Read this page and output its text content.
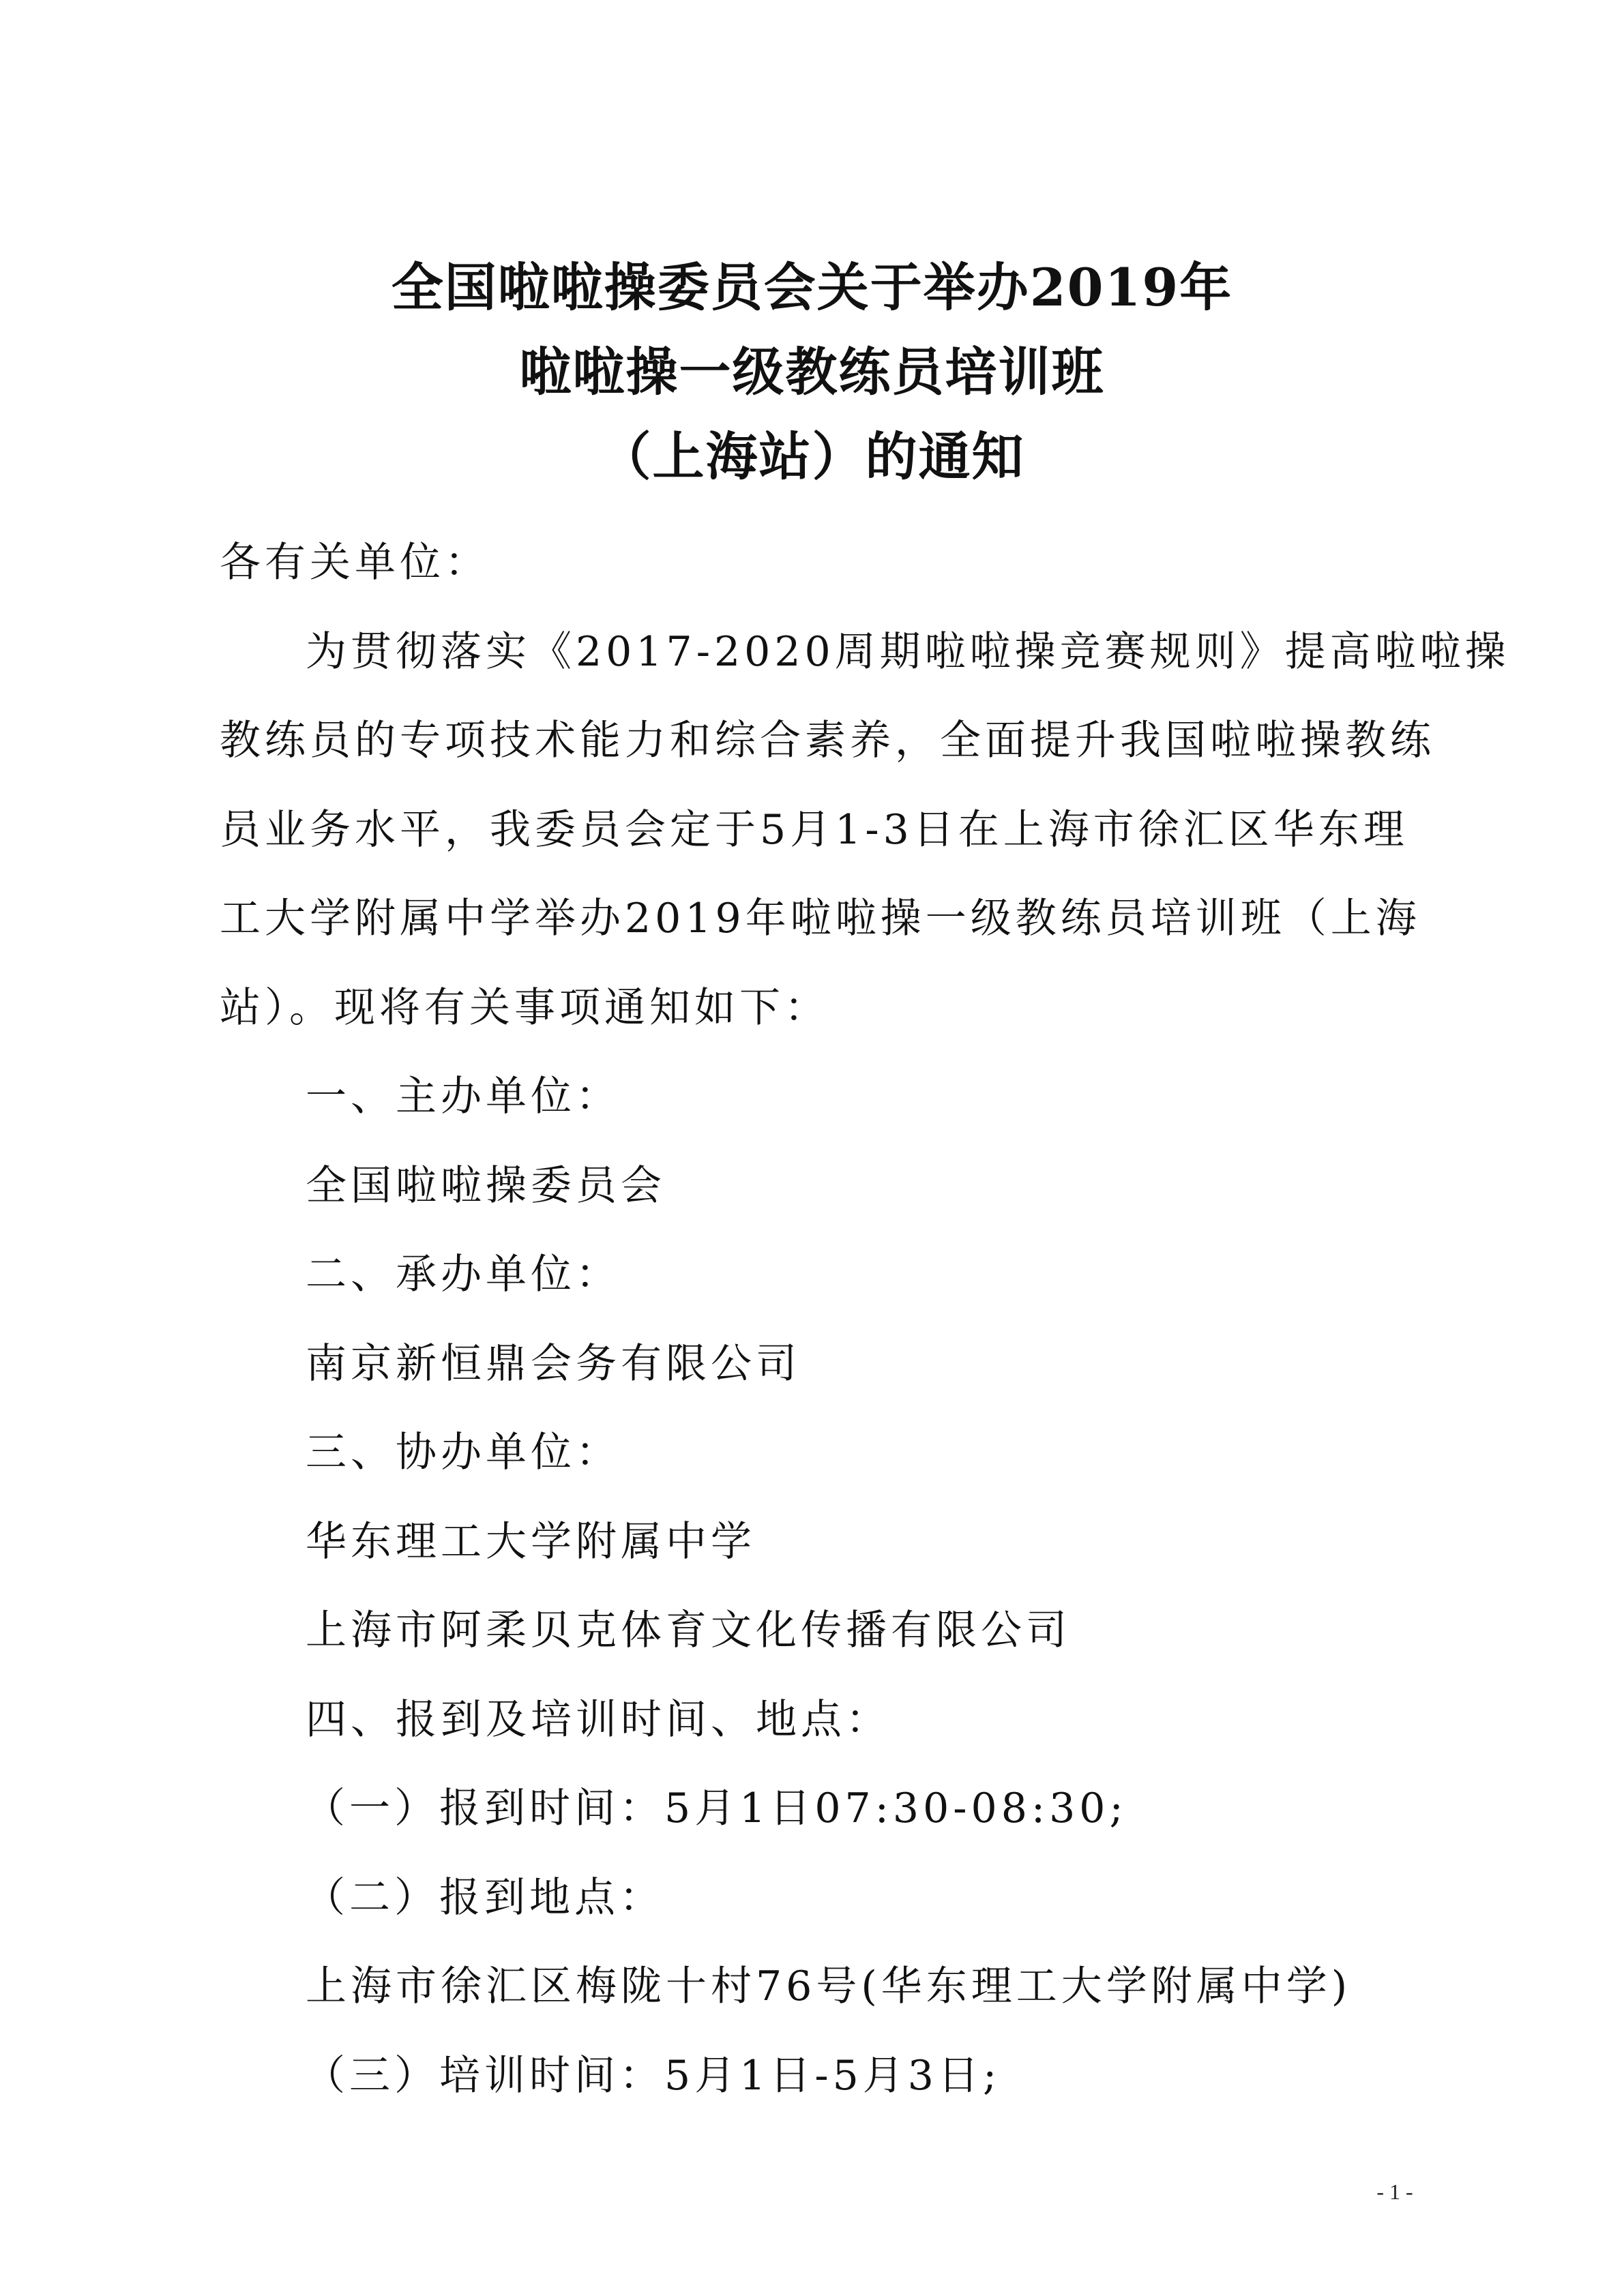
全国啦啦操委员会关于举办2019年
啦啦操一级教练员培训班
（上海站）的通知
各有关单位：
为贯彻落实《2017-2020周期啦啦操竞赛规则》提高啦啦操
教练员的专项技术能力和综合素养，全面提升我国啦啦操教练
员业务水平，我委员会定于5月1-3日在上海市徐汇区华东理
工大学附属中学举办2019年啦啦操一级教练员培训班（上海
站）。现将有关事项通知如下：
一、主办单位：
全国啦啦操委员会
二、承办单位：
南京新恒鼎会务有限公司
三、协办单位：
华东理工大学附属中学
上海市阿柔贝克体育文化传播有限公司
四、报到及培训时间、地点：
（一）报到时间：5月1日07:30-08:30;
（二）报到地点：
上海市徐汇区梅陇十村76号(华东理工大学附属中学)
（三）培训时间：5月1日-5月3日;
- 1 -
